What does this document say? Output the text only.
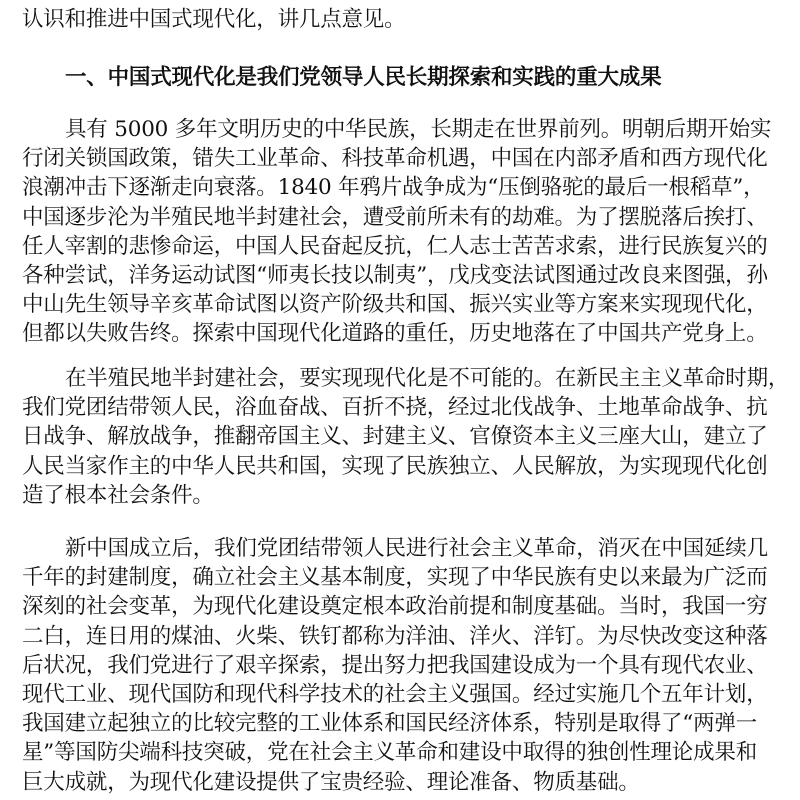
认识和推进中国式现代化，讲几点意见。

一、中国式现代化是我们党领导人民长期探索和实践的重大成果

具有 5000 多年文明历史的中华民族，长期走在世界前列。明朝后期开始实
行闭关锁国政策，错失工业革命、科技革命机遇，中国在内部矛盾和西方现代化
浪潮冲击下逐渐走向衰落。1840 年鸦片战争成为“压倒骆驼的最后一根稻草”，
中国逐步沦为半殖民地半封建社会，遭受前所未有的劫难。为了摆脱落后挨打、
任人宰割的悲惨命运，中国人民奋起反抗，仁人志士苦苦求索，进行民族复兴的
各种尝试，洋务运动试图“师夷长技以制夷”，戊戌变法试图通过改良来图强，孙
中山先生领导辛亥革命试图以资产阶级共和国、振兴实业等方案来实现现代化，
但都以失败告终。探索中国现代化道路的重任，历史地落在了中国共产党身上。

在半殖民地半封建社会，要实现现代化是不可能的。在新民主主义革命时期，
我们党团结带领人民，浴血奋战、百折不挠，经过北伐战争、土地革命战争、抗
日战争、解放战争，推翻帝国主义、封建主义、官僚资本主义三座大山，建立了
人民当家作主的中华人民共和国，实现了民族独立、人民解放，为实现现代化创
造了根本社会条件。

新中国成立后，我们党团结带领人民进行社会主义革命，消灭在中国延续几
千年的封建制度，确立社会主义基本制度，实现了中华民族有史以来最为广泛而
深刻的社会变革，为现代化建设奠定根本政治前提和制度基础。当时，我国一穷
二白，连日用的煤油、火柴、铁钉都称为洋油、洋火、洋钉。为尽快改变这种落
后状况，我们党进行了艰辛探索，提出努力把我国建设成为一个具有现代农业、
现代工业、现代国防和现代科学技术的社会主义强国。经过实施几个五年计划，
我国建立起独立的比较完整的工业体系和国民经济体系，特别是取得了“两弹一
星”等国防尖端科技突破，党在社会主义革命和建设中取得的独创性理论成果和
巨大成就，为现代化建设提供了宝贵经验、理论准备、物质基础。
